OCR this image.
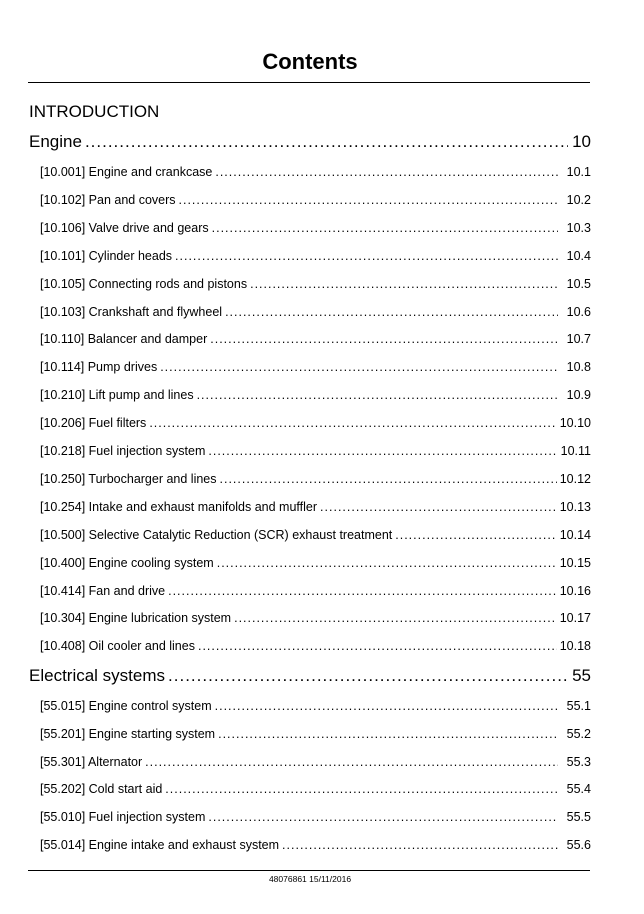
Contents
INTRODUCTION
Engine .....	10
[10.001] Engine and crankcase .....	10.1
[10.102] Pan and covers .....	10.2
[10.106] Valve drive and gears .....	10.3
[10.101] Cylinder heads .....	10.4
[10.105] Connecting rods and pistons .....	10.5
[10.103] Crankshaft and flywheel .....	10.6
[10.110] Balancer and damper .....	10.7
[10.114] Pump drives .....	10.8
[10.210] Lift pump and lines .....	10.9
[10.206] Fuel filters .....	10.10
[10.218] Fuel injection system .....	10.11
[10.250] Turbocharger and lines .....	10.12
[10.254] Intake and exhaust manifolds and muffler .....	10.13
[10.500] Selective Catalytic Reduction (SCR) exhaust treatment .....	10.14
[10.400] Engine cooling system .....	10.15
[10.414] Fan and drive .....	10.16
[10.304] Engine lubrication system .....	10.17
[10.408] Oil cooler and lines .....	10.18
Electrical systems .....	55
[55.015] Engine control system .....	55.1
[55.201] Engine starting system .....	55.2
[55.301] Alternator .....	55.3
[55.202] Cold start aid .....	55.4
[55.010] Fuel injection system .....	55.5
[55.014] Engine intake and exhaust system .....	55.6
48076861 15/11/2016
